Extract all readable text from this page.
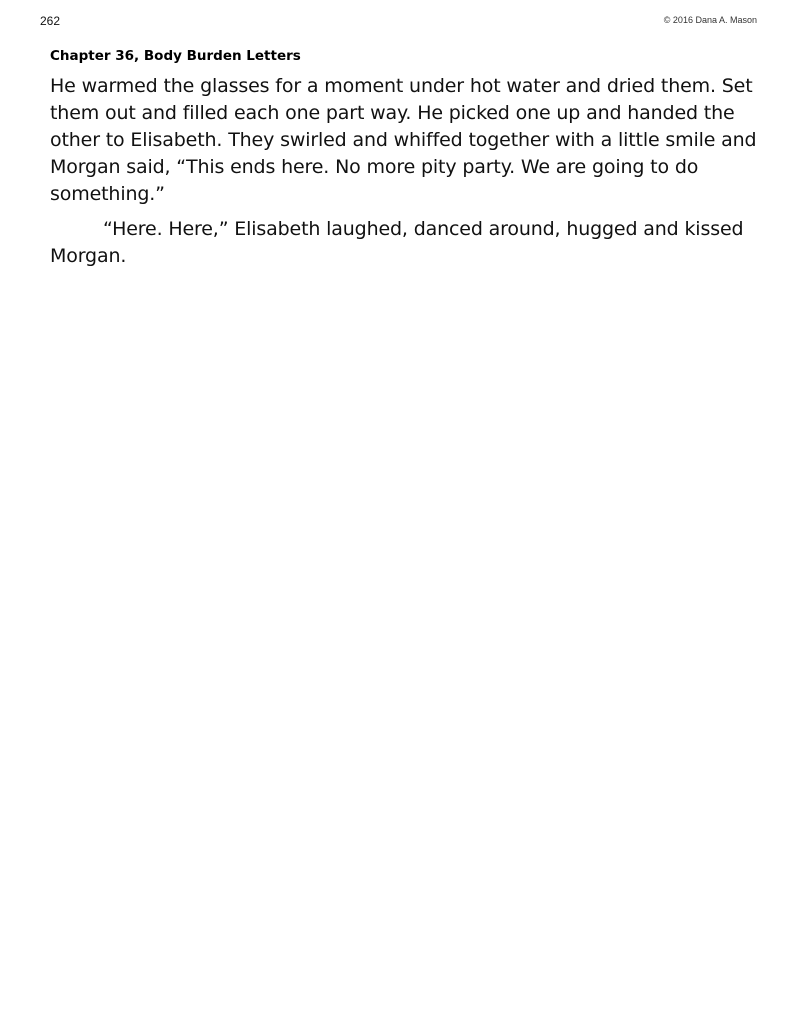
262	© 2016 Dana A. Mason
Chapter 36, Body Burden Letters

He warmed the glasses for a moment under hot water and dried them. Set them out and filled each one part way. He picked one up and handed the other to Elisabeth. They swirled and whiffed together with a little smile and Morgan said, “This ends here. No more pity party. We are going to do something.”

“Here. Here,” Elisabeth laughed, danced around, hugged and kissed Morgan.
